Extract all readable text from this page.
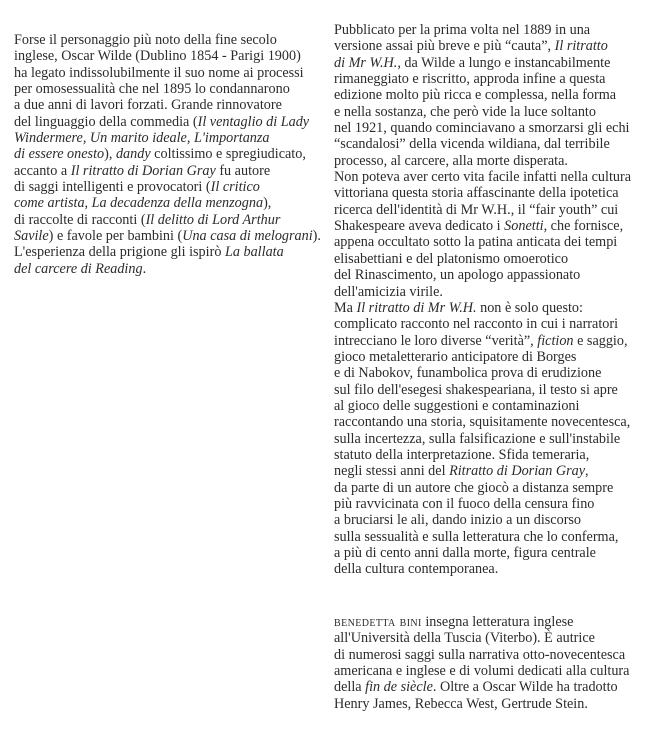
Forse il personaggio più noto della fine secolo
inglese, Oscar Wilde (Dublino 1854 - Parigi 1900)
ha legato indissolubilmente il suo nome ai processi
per omosessualità che nel 1895 lo condannarono
a due anni di lavori forzati. Grande rinnovatore
del linguaggio della commedia (Il ventaglio di Lady
Windermere, Un marito ideale, L'importanza
di essere onesto), dandy coltissimo e spregiudicato,
accanto a Il ritratto di Dorian Gray fu autore
di saggi intelligenti e provocatori (Il critico
come artista, La decadenza della menzogna),
di raccolte di racconti (Il delitto di Lord Arthur
Savile) e favole per bambini (Una casa di melograni).
L'esperienza della prigione gli ispirò La ballata
del carcere di Reading.
Pubblicato per la prima volta nel 1889 in una
versione assai più breve e più “cauta”, Il ritratto
di Mr W.H., da Wilde a lungo e instancabilmente
rimaneggiato e riscritto, approda infine a questa
edizione molto più ricca e complessa, nella forma
e nella sostanza, che però vide la luce soltanto
nel 1921, quando cominciavano a smorzarsi gli echi
“scandalosi” della vicenda wildiana, dal terribile
processo, al carcere, alla morte disperata.
Non poteva aver certo vita facile infatti nella cultura
vittoriana questa storia affascinante della ipotetica
ricerca dell'identità di Mr W.H., il “fair youth” cui
Shakespeare aveva dedicato i Sonetti, che fornisce,
appena occultato sotto la patina anticata dei tempi
elisabettiani e del platonismo omoerotico
del Rinascimento, un apologo appassionato
dell'amicizia virile.
Ma Il ritratto di Mr W.H. non è solo questo:
complicato racconto nel racconto in cui i narratori
intrecciano le loro diverse “verità”, fiction e saggio,
gioco metaletterario anticipatore di Borges
e di Nabokov, funambolica prova di erudizione
sul filo dell'esegesi shakespeariana, il testo si apre
al gioco delle suggestioni e contaminazioni
raccontando una storia, squisitamente novecentesca,
sulla incertezza, sulla falsificazione e sull'instabile
statuto della interpretazione. Sfida temeraria,
negli stessi anni del Ritratto di Dorian Gray,
da parte di un autore che giocò a distanza sempre
più ravvicinata con il fuoco della censura fino
a bruciarsi le ali, dando inizio a un discorso
sulla sessualità e sulla letteratura che lo conferma,
a più di cento anni dalla morte, figura centrale
della cultura contemporanea.
benedetta bini insegna letteratura inglese
all'Università della Tuscia (Viterbo). È autrice
di numerosi saggi sulla narrativa otto-novecentesca
americana e inglese e di volumi dedicati alla cultura
della fin de siècle. Oltre a Oscar Wilde ha tradotto
Henry James, Rebecca West, Gertrude Stein.
